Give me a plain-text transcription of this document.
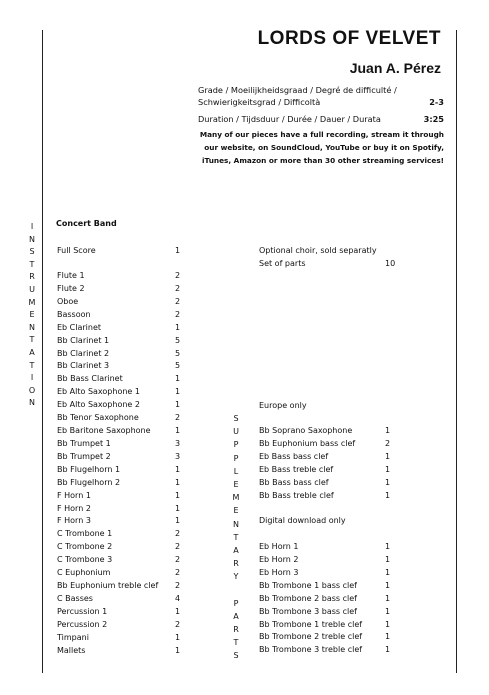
LORDS OF VELVET
Juan A. Pérez
Grade / Moeilijkheidsgraad / Degré de difficulté /
Schwierigkeitsgrad / Difficoltà	2-3
Duration / Tijdsduur / Durée / Dauer / Durata	3:25
Many of our pieces have a full recording, stream it through
our website, on SoundCloud, YouTube or buy it on Spotify,
iTunes, Amazon or more than 30 other streaming services!
I
N
S
T
R
U
M
E
N
T
A
T
I
O
N
S
U
P
P
L
E
M
E
N
T
A
R
Y
P
A
R
T
S
Concert Band
Full Score	1
Flute 1	2
Flute 2	2
Oboe	2
Bassoon	2
Eb Clarinet	1
Bb Clarinet 1	5
Bb Clarinet 2	5
Bb Clarinet 3	5
Bb Bass Clarinet	1
Eb Alto Saxophone 1	1
Eb Alto Saxophone 2	1
Bb Tenor Saxophone	2
Eb Baritone Saxophone	1
Bb Trumpet 1	3
Bb Trumpet 2	3
Bb Flugelhorn 1	1
Bb Flugelhorn 2	1
F Horn 1	1
F Horn 2	1
F Horn 3	1
C Trombone 1	2
C Trombone 2	2
C Trombone 3	2
C Euphonium	2
Bb Euphonium treble clef 2
C Basses	4
Percussion 1	1
Percussion 2	2
Timpani	1
Mallets	1
Optional choir, sold separatly
Set of parts	10
Europe only
Bb Soprano Saxophone	1
Bb Euphonium bass clef	2
Eb Bass bass clef	1
Eb Bass treble clef	1
Bb Bass bass clef	1
Bb Bass treble clef	1
Digital download only
Eb Horn 1	1
Eb Horn 2	1
Eb Horn 3	1
Bb Trombone 1 bass clef	1
Bb Trombone 2 bass clef	1
Bb Trombone 3 bass clef	1
Bb Trombone 1 treble clef	1
Bb Trombone 2 treble clef	1
Bb Trombone 3 treble clef	1
